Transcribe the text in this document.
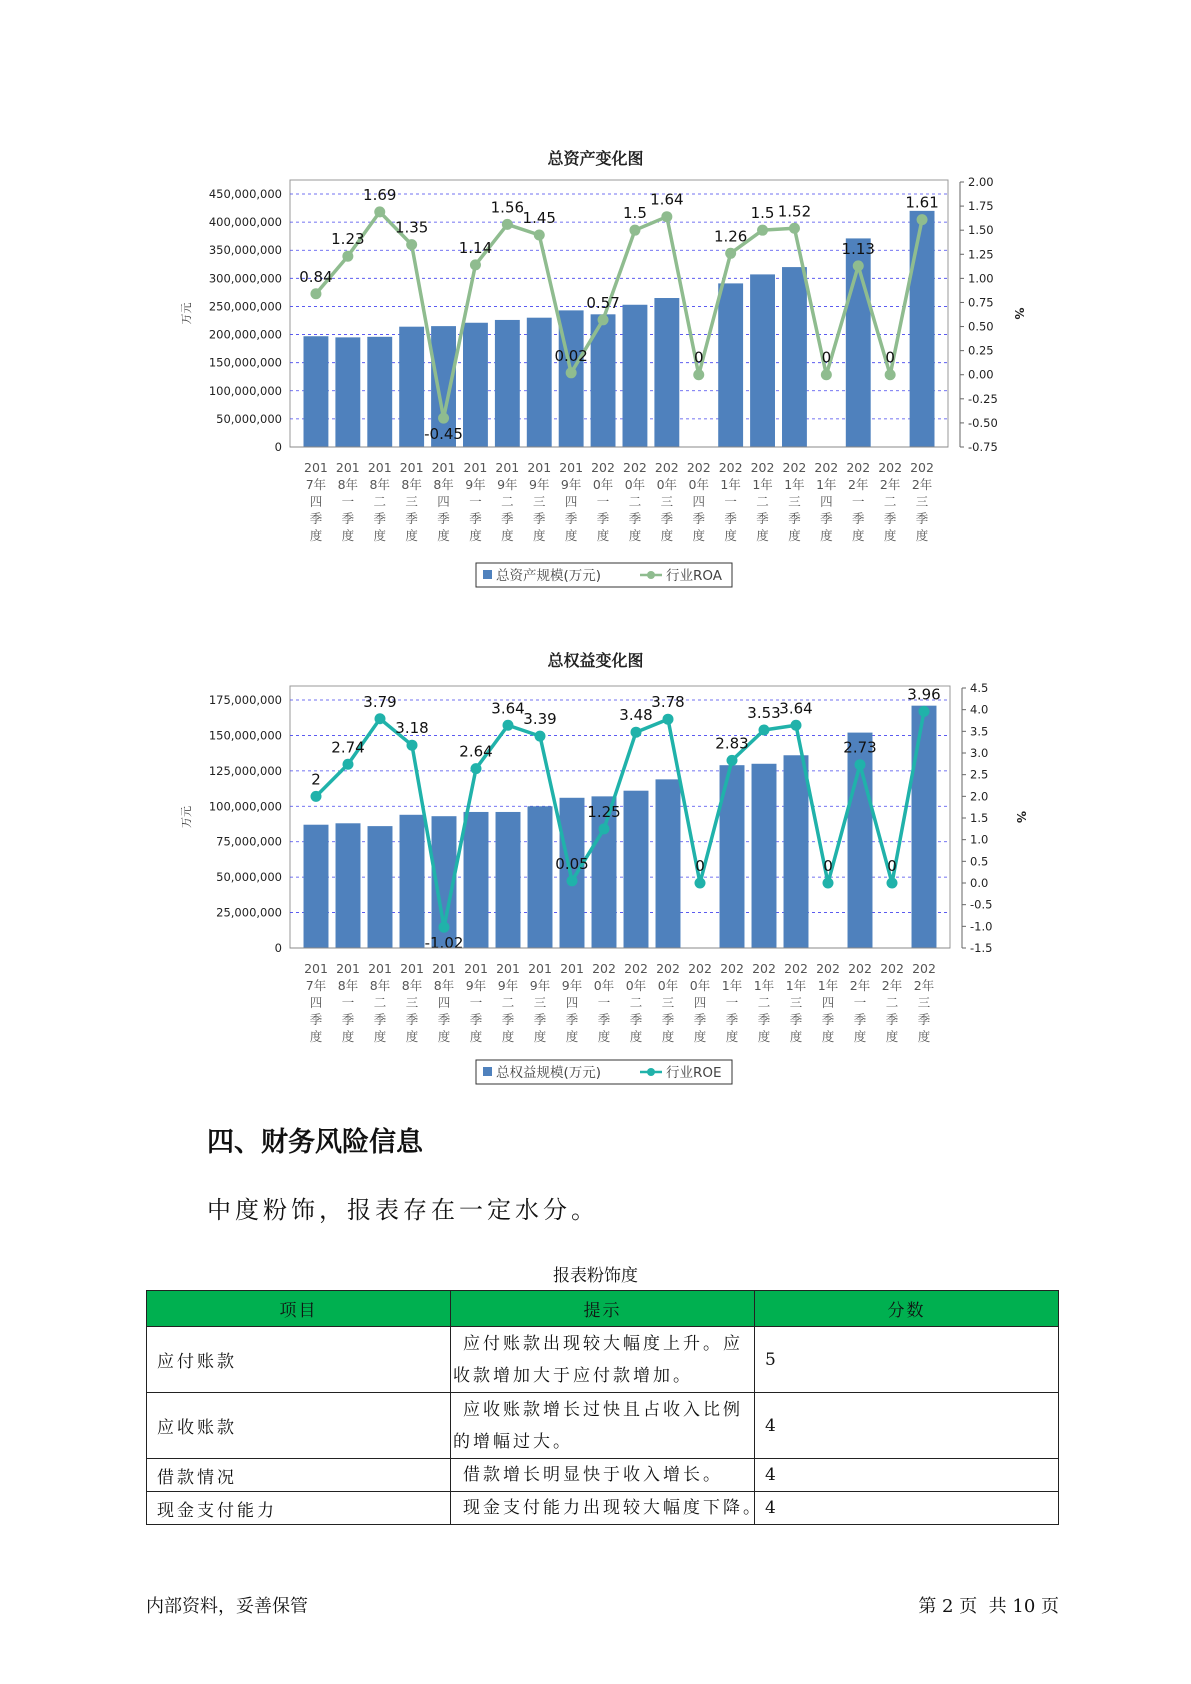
总资产变化图
0
50,000,000
100,000,000
150,000,000
200,000,000
250,000,000
300,000,000
350,000,000
400,000,000
450,000,000
万元
-0.75
-0.50
-0.25
0.00
0.25
0.50
0.75
1.00
1.25
1.50
1.75
2.00
%
0.84
1.23
1.69
1.35
-0.45
1.14
1.56
1.45
0.02
0.57
1.5
1.64
0
1.26
1.5 1.52
0
1.13
0
1.61
201
7年
四
季
度
201
8年
一
季
度
201
8年
二
季
度
201
8年
三
季
度
201
8年
四
季
度
201
9年
一
季
度
201
9年
二
季
度
201
9年
三
季
度
201
9年
四
季
度
202
0年
一
季
度
202
0年
二
季
度
202
0年
三
季
度
202
0年
四
季
度
202
1年
一
季
度
202
1年
二
季
度
202
1年
三
季
度
202
1年
四
季
度
202
2年
一
季
度
202
2年
二
季
度
202
2年
三
季
度
总资产规模(万元)	行业ROA
总权益变化图
0
25,000,000
50,000,000
75,000,000
100,000,000
125,000,000
150,000,000
175,000,000
万元
-1.5
-1.0
-0.5
0.0
0.5
1.0
1.5
2.0
2.5
3.0
3.5
4.0
4.5
%
2
2.74
3.79
3.18
-1.02
2.64
3.64
3.39
0.05
1.25
3.48
3.78
0
2.83
3.53
3.64
0
2.73
0
3.96
201
7年
四
季
度
201
8年
一
季
度
201
8年
二
季
度
201
8年
三
季
度
201
8年
四
季
度
201
9年
一
季
度
201
9年
二
季
度
201
9年
三
季
度
201
9年
四
季
度
202
0年
一
季
度
202
0年
二
季
度
202
0年
三
季
度
202
0年
四
季
度
202
1年
一
季
度
202
1年
二
季
度
202
1年
三
季
度
202
1年
四
季
度
202
2年
一
季
度
202
2年
二
季
度
202
2年
三
季
度
总权益规模(万元)	行业ROE
四、财务风险信息
中度粉饰，报表存在一定水分。
报表粉饰度
项目	提示	分数
应付账款	应付账款出现较大幅度上升。应收款增加大于应付款增加。	5
应收账款	应收账款增长过快且占收入比例的增幅过大。	4
借款情况	借款增长明显快于收入增长。	4
现金支付能力	现金支付能力出现较大幅度下降。	4
内部资料，妥善保管	第 2 页  共 10 页
